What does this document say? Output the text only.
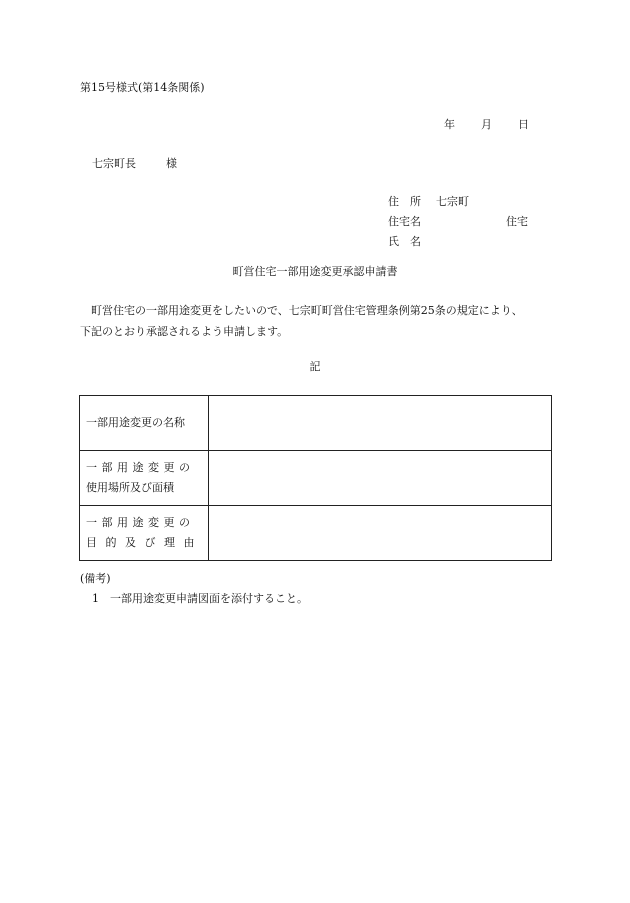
第15号様式(第14条関係)
年 月 日
七宗町長	様
住　所 七宗町
住宅名	住宅
氏　名
町営住宅一部用途変更承認申請書

町営住宅の一部用途変更をしたいので、七宗町町営住宅管理条例第25条の規定により、

下記のとおり承認されるよう申請します。

記
一部用途変更の名称	

一部用途変更の
使用場所及び面積	

一部用途変更の
目的及び理由	

(備考)
1　一部用途変更申請図面を添付すること。
